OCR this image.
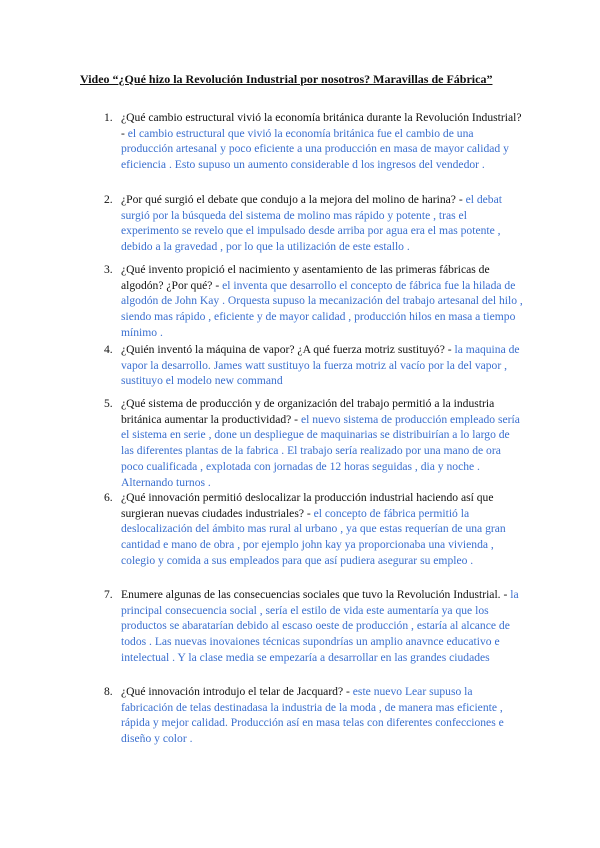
Video “¿Qué hizo la Revolución Industrial por nosotros? Maravillas de Fábrica”
1. ¿Qué cambio estructural vivió la economía británica durante la Revolución Industrial?- el cambio estructural que vivió la economía británica fue el cambio de una producción artesanal y poco eficiente a una producción en masa de mayor calidad y eficiencia . Esto supuso un aumento considerable d los ingresos del vendedor .
2. ¿Por qué surgió el debate que condujo a la mejora del molino de harina? - el debat surgió por la búsqueda del sistema de molino mas rápido y potente , tras el experimento se revelo que el impulsado desde arriba por agua era el mas potente , debido a la gravedad , por lo que la utilización de este estallo .
3. ¿Qué invento propició el nacimiento y asentamiento de las primeras fábricas de algodón? ¿Por qué? - el inventa que desarrollo el concepto de fábrica fue la hilada de algodón de John Kay . Orquesta supuso la mecanización del trabajo artesanal del hilo , siendo mas rápido , eficiente y de mayor calidad , producción hilos en masa a tiempo mínimo .
4. ¿Quién inventó la máquina de vapor? ¿A qué fuerza motriz sustituyó? - la maquina de vapor la desarrollo. James watt sustituyo la fuerza motriz al vacío por la del vapor , sustituyo el modelo new command
5. ¿Qué sistema de producción y de organización del trabajo permitió a la industria británica aumentar la productividad? - el nuevo sistema de producción empleado sería el sistema en serie , done un despliegue de maquinarias se distribuirían a lo largo de las diferentes plantas de la fabrica . El trabajo sería realizado por una mano de ora poco cualificada , explotada con jornadas de 12 horas seguidas , dia y noche . Alternando turnos .
6. ¿Qué innovación permitió deslocalizar la producción industrial haciendo así que surgieran nuevas ciudades industriales? - el concepto de fábrica permitió la deslocalización del ámbito mas rural al urbano , ya que estas requerían de una gran cantidad e mano de obra , por ejemplo john kay ya proporcionaba una vivienda , colegio y comida a sus empleados para que así pudiera asegurar su empleo .
7. Enumere algunas de las consecuencias sociales que tuvo la Revolución Industrial. - la principal consecuencia social , sería el estilo de vida este aumentaría ya que los productos se abaratarían debido al escaso oeste de producción , estaría al alcance de todos . Las nuevas inovaiones técnicas supondrías un amplio anavnce educativo e intelectual . Y la clase media se empezaría a desarrollar en las grandes ciudades
8. ¿Qué innovación introdujo el telar de Jacquard? - este nuevo Lear supuso la fabricación de telas destinadasa la industria de la moda , de manera mas eficiente , rápida y mejor calidad. Producción así en masa telas con diferentes confecciones e diseño y color .
